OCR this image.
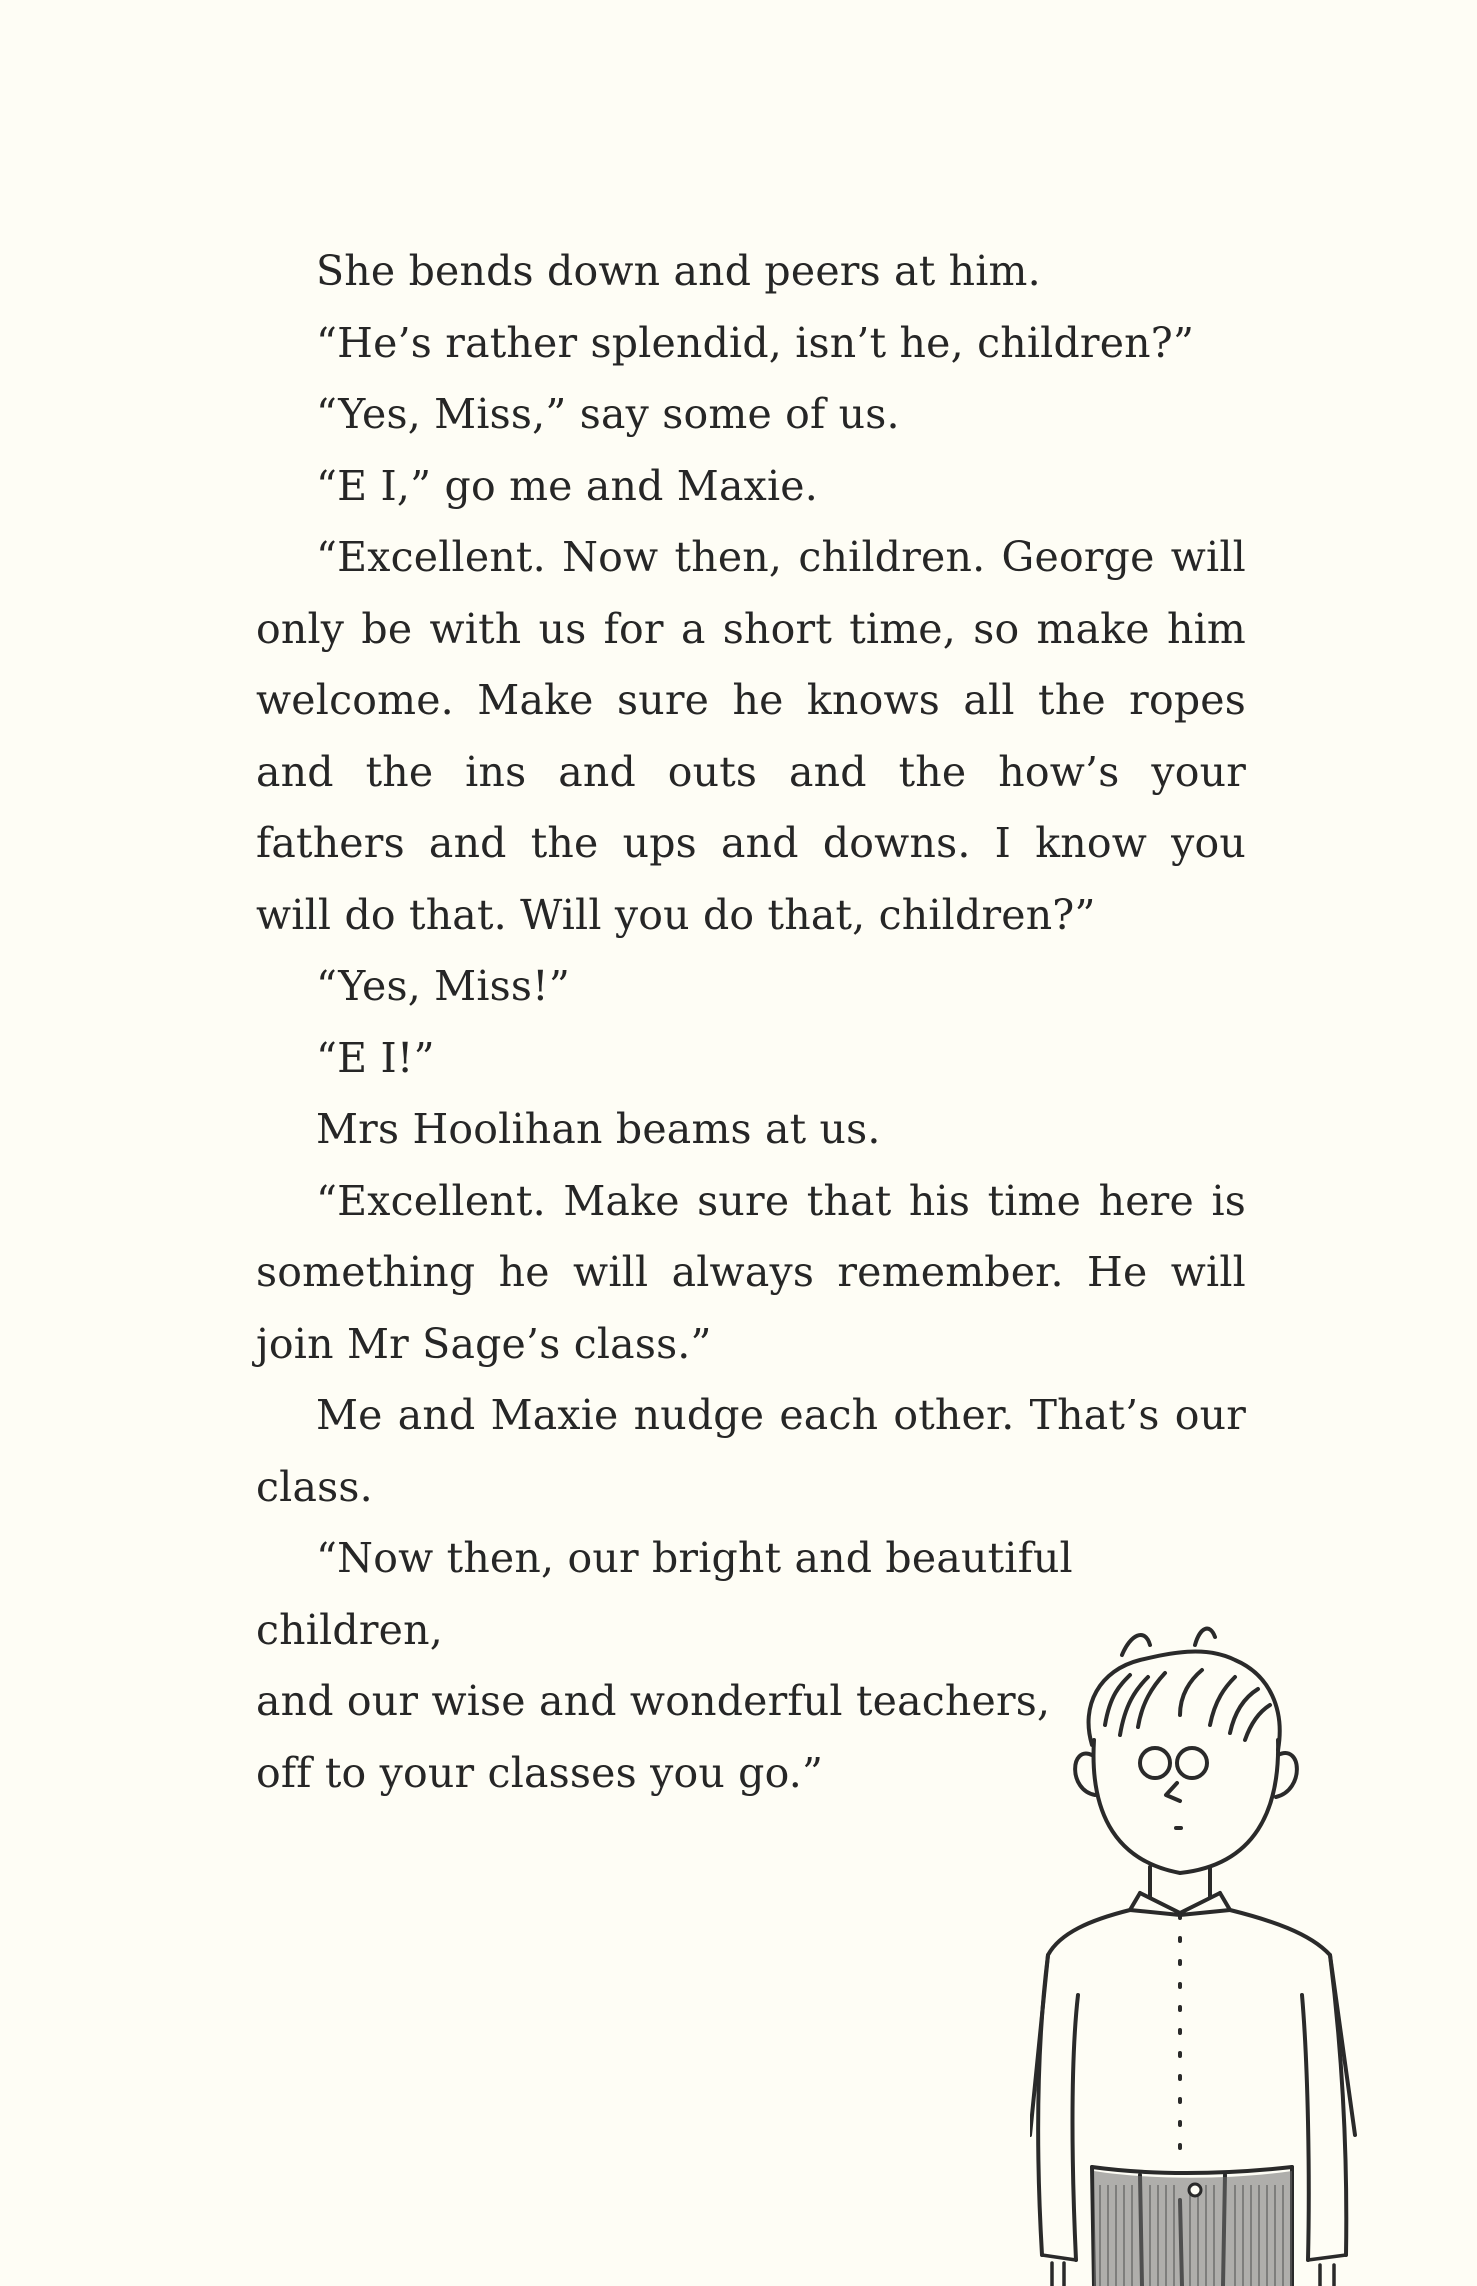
She bends down and peers at him.

“He’s rather splendid, isn’t he, children?”

“Yes, Miss,” say some of us.

“E I,” go me and Maxie.

“Excellent. Now then, children. George will only be with us for a short time, so make him welcome. Make sure he knows all the ropes and the ins and outs and the how’s your fathers and the ups and downs. I know you will do that. Will you do that, children?”

“Yes, Miss!”

“E I!”

Mrs Hoolihan beams at us.

“Excellent. Make sure that his time here is something he will always remember. He will join Mr Sage’s class.”

Me and Maxie nudge each other. That’s our class.

“Now then, our bright and beautiful children,

and our wise and wonderful teachers,
off to your classes you go.”
